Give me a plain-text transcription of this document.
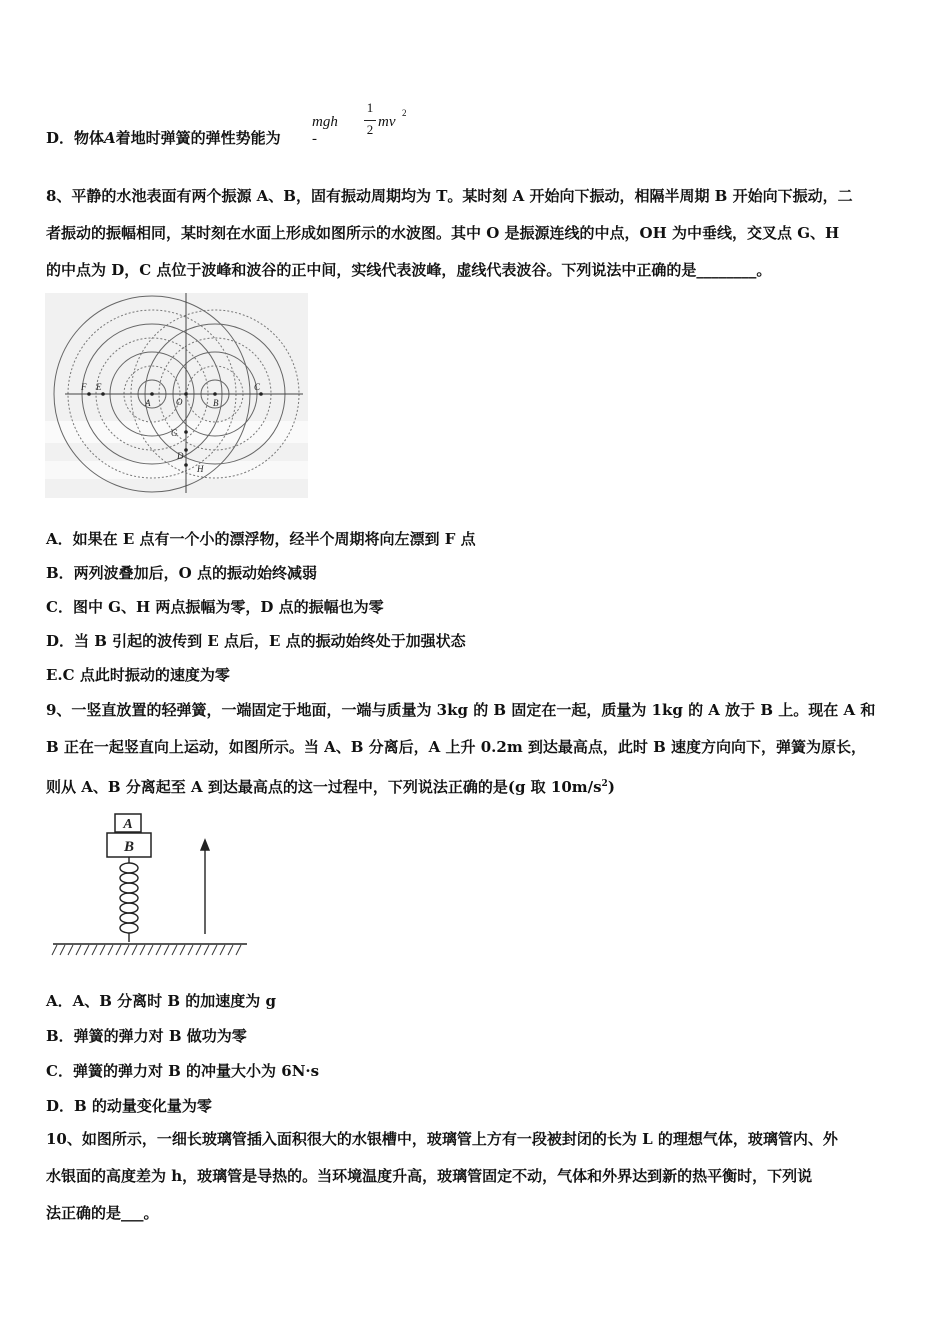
D．物体A着地时弹簧的弹性势能为
mgh -
1
2 mv
2
8、平静的水池表面有两个振源 A、B，固有振动周期均为 T。某时刻 A 开始向下振动，相隔半周期 B 开始向下振动，二
者振动的振幅相同，某时刻在水面上形成如图所示的水波图。其中 O 是振源连线的中点，OH 为中垂线，交叉点 G、H
的中点为 D，C 点位于波峰和波谷的正中间，实线代表波峰，虚线代表波谷。下列说法中正确的是________。
F E
A	O	B
C
G
D
H
A．如果在 E 点有一个小的漂浮物，经半个周期将向左漂到 F 点
B．两列波叠加后，O 点的振动始终减弱
C．图中 G、H 两点振幅为零，D 点的振幅也为零
D．当 B 引起的波传到 E 点后，E 点的振动始终处于加强状态
E.C 点此时振动的速度为零
9、一竖直放置的轻弹簧，一端固定于地面，一端与质量为 3kg 的 B 固定在一起，质量为 1kg 的 A 放于 B 上。现在 A 和
B 正在一起竖直向上运动，如图所示。当 A、B 分离后，A 上升 0.2m 到达最高点，此时 B 速度方向向下，弹簧为原长，
则从 A、B 分离起至 A 到达最高点的这一过程中，下列说法正确的是(g 取 $10m/s^2$)
A
B
A．A、B 分离时 B 的加速度为 g
B．弹簧的弹力对 B 做功为零
C．弹簧的弹力对 B 的冲量大小为 6N·s
D．B 的动量变化量为零
10、如图所示，一细长玻璃管插入面积很大的水银槽中，玻璃管上方有一段被封闭的长为 L 的理想气体，玻璃管内、外
水银面的高度差为 h，玻璃管是导热的。当环境温度升高，玻璃管固定不动，气体和外界达到新的热平衡时，下列说
法正确的是___。
